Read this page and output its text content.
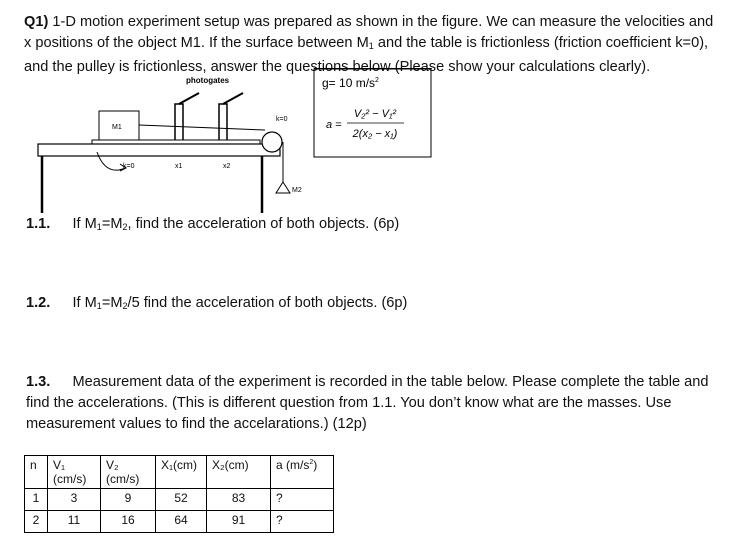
Q1) 1-D motion experiment setup was prepared as shown in the figure. We can measure the velocities and x positions of the object M1. If the surface between $M_1$ and the table is frictionless (friction coefficient k=0), and the pulley is frictionless, answer the questions below (Please show your calculations clearly).
photogates	g= 10 $m/s^2$
a =
V₂² − V₁²
2(x₂ − x₁)
M1
k=0
M2
k=0	x1	x2
1.1. If $M_1=M_2$, find the acceleration of both objects. (6p)
1.2. If $M_1=M_2/5$ find the acceleration of both objects. (6p)
1.3. Measurement data of the experiment is recorded in the table below. Please complete the table and find the accelerations. (This is different question from 1.1. You don’t know what are the masses. Use measurement values to find the accelarations.) (12p)
n	V₁ (cm/s)	V₂ (cm/s)	X₁(cm)	X₂(cm)	a $(m/s^2)$
1	3	9	52	83	?
2	11	16	64	91	?
